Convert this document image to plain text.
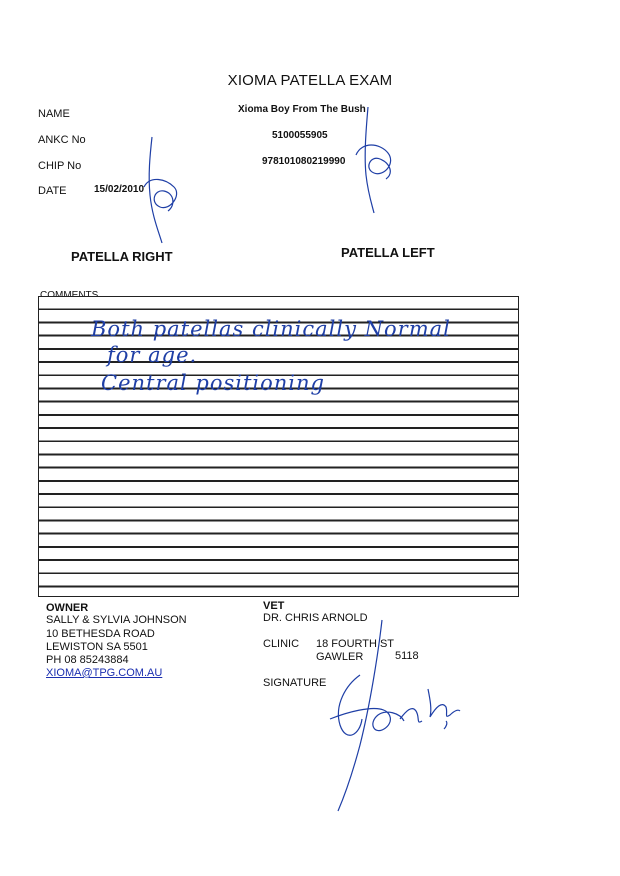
XIOMA PATELLA EXAM
NAME
ANKC No
CHIP No
DATE
Xioma Boy From The Bush
5100055905
978101080219990
15/02/2010
PATELLA RIGHT	PATELLA LEFT
Both patellas clinically Normal
for age.
Central positioning
OWNER
SALLY & SYLVIA JOHNSON
10 BETHESDA ROAD
LEWISTON SA 5501
PH 08 85243884
XIOMA@TPG.COM.AU
VET
DR. CHRIS ARNOLD
CLINIC 18 FOURTH ST
GAWLER	5118
SIGNATURE
